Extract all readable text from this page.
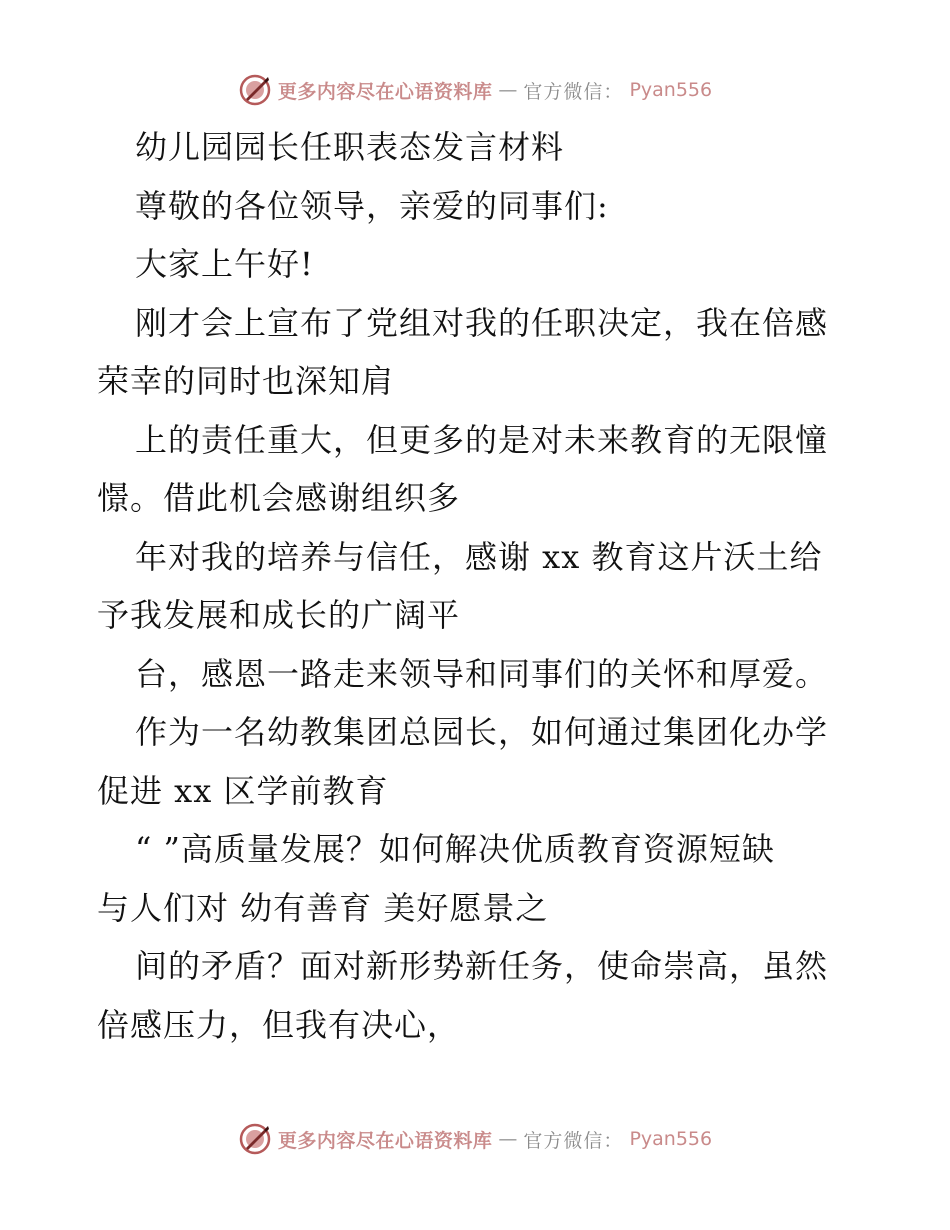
更多内容尽在心语资料库 — 官方微信： Pyan556

幼儿园园长任职表态发言材料

尊敬的各位领导，亲爱的同事们:

大家上午好!

刚才会上宣布了党组对我的任职决定，我在倍感

荣幸的同时也深知肩

上的责任重大，但更多的是对未来教育的无限憧

憬。借此机会感谢组织多

年对我的培养与信任，感谢 xx 教育这片沃土给

予我发展和成长的广阔平

台，感恩一路走来领导和同事们的关怀和厚爱。

作为一名幼教集团总园长，如何通过集团化办学

促进 xx 区学前教育

“ ”高质量发展？如何解决优质教育资源短缺

与人们对 幼有善育 美好愿景之

间的矛盾？面对新形势新任务，使命崇高，虽然

倍感压力，但我有决心，

更多内容尽在心语资料库 — 官方微信： Pyan556
